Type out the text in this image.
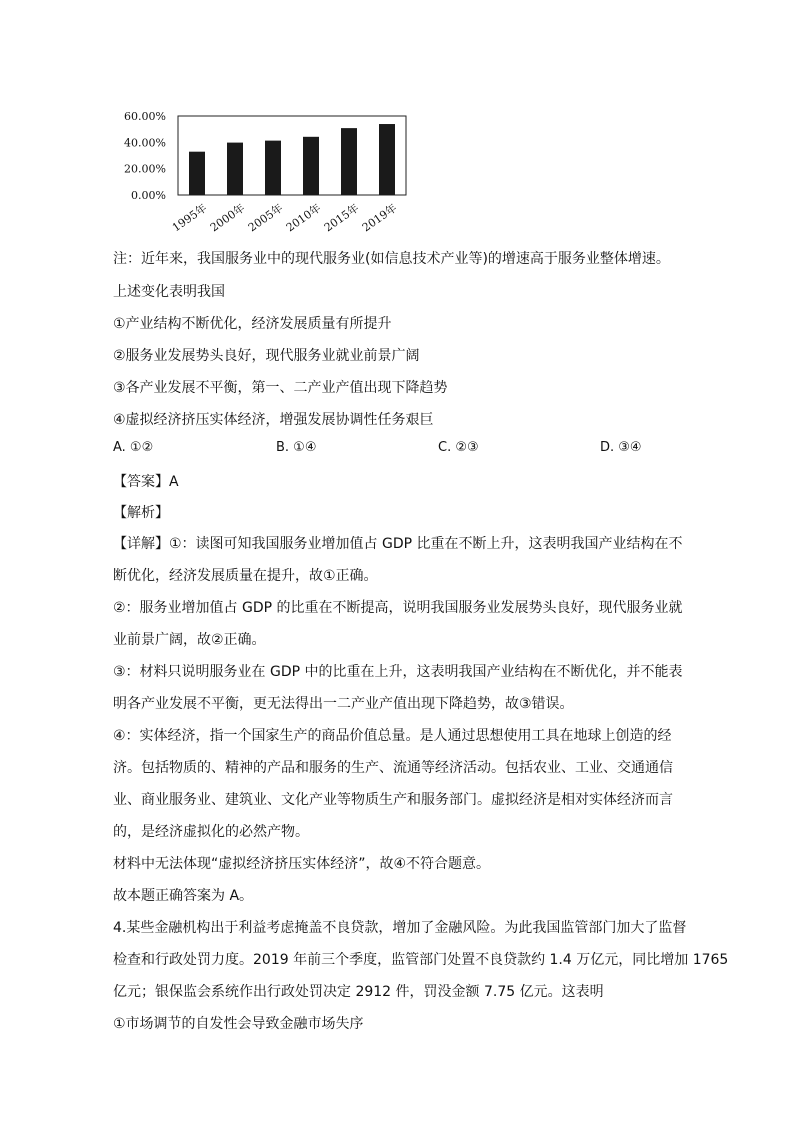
0.00%
20.00%
40.00%
60.00%
1995年
2000年
2005年
2010年
2015年
2019年
注：近年来，我国服务业中的现代服务业(如信息技术产业等)的增速高于服务业整体增速。
上述变化表明我国
①产业结构不断优化，经济发展质量有所提升
②服务业发展势头良好，现代服务业就业前景广阔
③各产业发展不平衡，第一、二产业产值出现下降趋势
④虚拟经济挤压实体经济，增强发展协调性任务艰巨
A. ①②	B. ①④	C. ②③	D. ③④
【答案】A
【解析】
【详解】①：读图可知我国服务业增加值占 GDP 比重在不断上升，这表明我国产业结构在不
断优化，经济发展质量在提升，故①正确。
②：服务业增加值占 GDP 的比重在不断提高，说明我国服务业发展势头良好，现代服务业就
业前景广阔，故②正确。
③：材料只说明服务业在 GDP 中的比重在上升，这表明我国产业结构在不断优化，并不能表
明各产业发展不平衡，更无法得出一二产业产值出现下降趋势，故③错误。
④：实体经济，指一个国家生产的商品价值总量。是人通过思想使用工具在地球上创造的经
济。包括物质的、精神的产品和服务的生产、流通等经济活动。包括农业、工业、交通通信
业、商业服务业、建筑业、文化产业等物质生产和服务部门。虚拟经济是相对实体经济而言
的，是经济虚拟化的必然产物。
材料中无法体现“虚拟经济挤压实体经济”，故④不符合题意。
故本题正确答案为 A。
4.某些金融机构出于利益考虑掩盖不良贷款，增加了金融风险。为此我国监管部门加大了监督
检查和行政处罚力度。2019 年前三个季度，监管部门处置不良贷款约 1.4 万亿元，同比增加 1765
亿元；银保监会系统作出行政处罚决定 2912 件，罚没金额 7.75 亿元。这表明
①市场调节的自发性会导致金融市场失序
